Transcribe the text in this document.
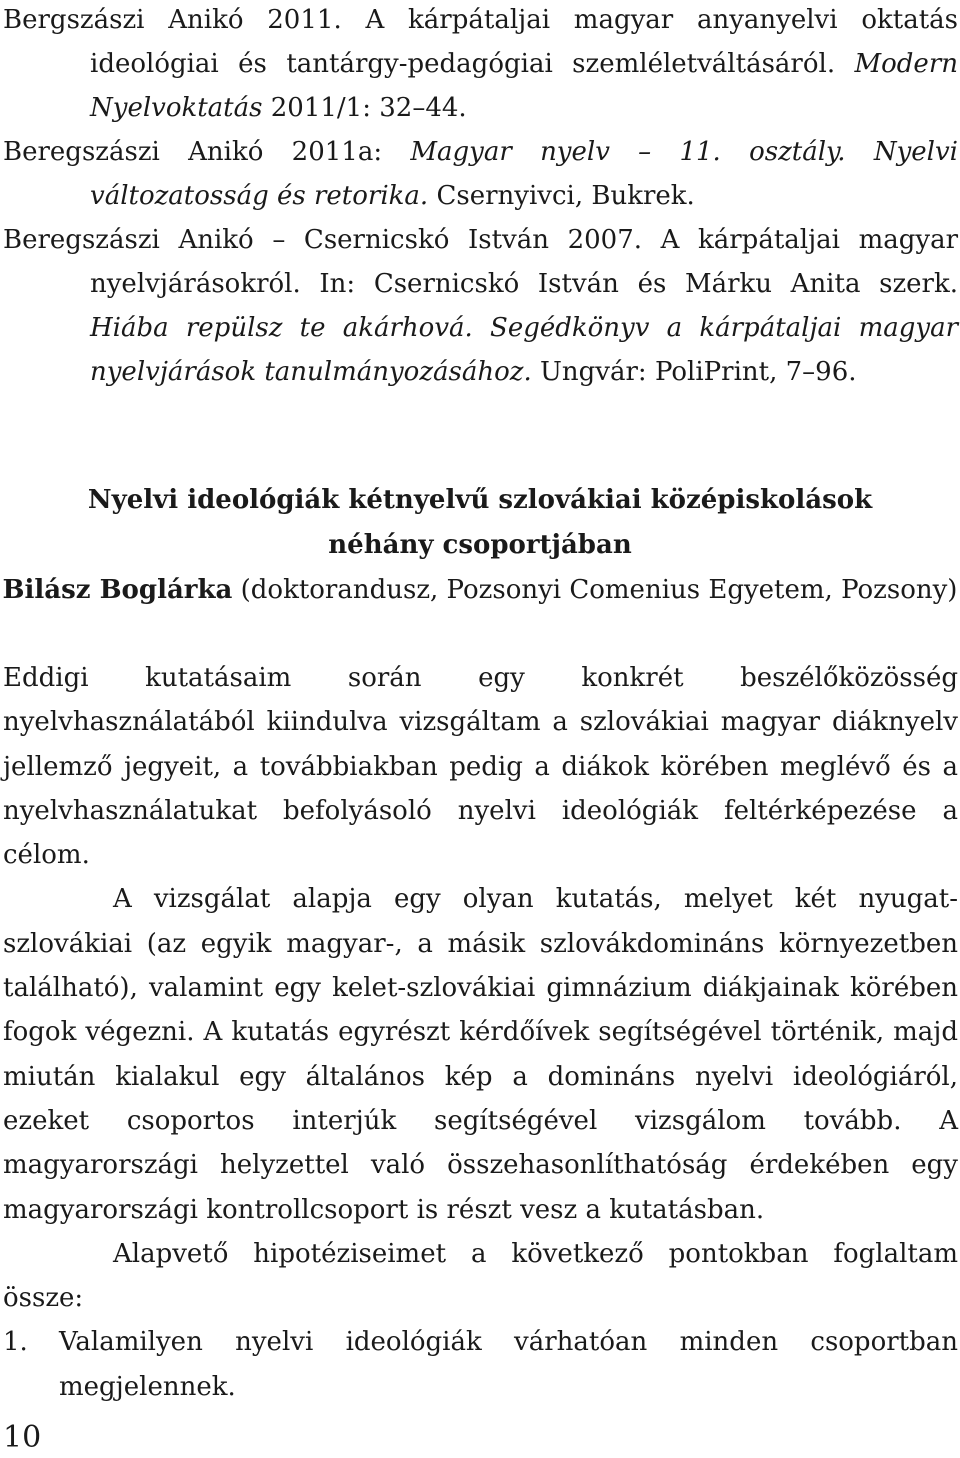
Bergszászi Anikó 2011. A kárpátaljai magyar anyanyelvi oktatás ideológiai és tantárgy-pedagógiai szemléletváltásáról. Modern Nyelvoktatás 2011/1: 32–44.

Beregszászi Anikó 2011a: Magyar nyelv – 11. osztály. Nyelvi változatosság és retorika. Csernyivci, Bukrek.

Beregszászi Anikó – Csernicskó István 2007. A kárpátaljai magyar nyelvjárásokról. In: Csernicskó István és Márku Anita szerk. Hiába repülsz te akárhová. Segédkönyv a kárpátaljai magyar nyelvjárások tanulmányozásához. Ungvár: PoliPrint, 7–96.

Nyelvi ideológiák kétnyelvű szlovákiai középiskolások
néhány csoportjában
Bilász Boglárka (doktorandusz, Pozsonyi Comenius Egyetem, Pozsony)

Eddigi kutatásaim során egy konkrét beszélőközösség nyelvhasználatából kiindulva vizsgáltam a szlovákiai magyar diáknyelv jellemző jegyeit, a továbbiakban pedig a diákok körében meglévő és a nyelvhasználatukat befolyásoló nyelvi ideológiák feltérképezése a célom.

A vizsgálat alapja egy olyan kutatás, melyet két nyugat-szlovákiai (az egyik magyar-, a másik szlovákdomináns környezetben található), valamint egy kelet-szlovákiai gimnázium diákjainak körében fogok végezni. A kutatás egyrészt kérdőívek segítségével történik, majd miután kialakul egy általános kép a domináns nyelvi ideológiáról, ezeket csoportos interjúk segítségével vizsgálom tovább. A magyarországi helyzettel való összehasonlíthatóság érdekében egy magyarországi kontrollcsoport is részt vesz a kutatásban.

Alapvető hipotéziseimet a következő pontokban foglaltam össze:

1.	Valamilyen nyelvi ideológiák várhatóan minden csoportban megjelennek.
10
